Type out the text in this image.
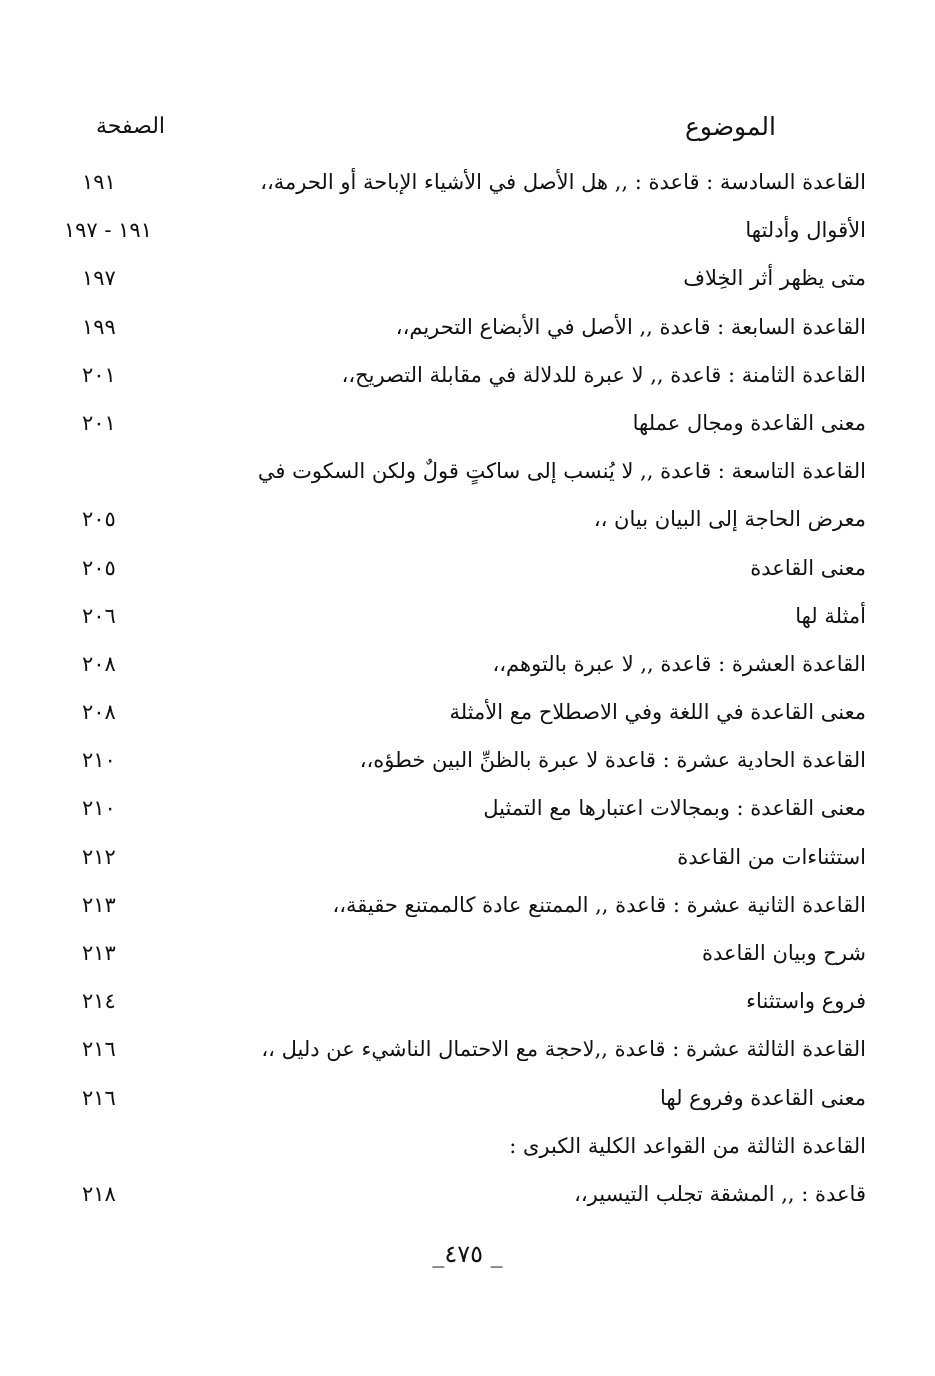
الموضوع
الصفحة
القاعدة السادسة : قاعدة : ,, هل الأصل في الأشياء الإباحة أو الحرمة،،
١٩١
الأقوال وأدلتها
١٩١ - ١٩٧
متى يظهر أثر الخِلاف
١٩٧
القاعدة السابعة : قاعدة ,, الأصل في الأبضاع التحريم،،
١٩٩
القاعدة الثامنة : قاعدة ,, لا عبرة للدلالة في مقابلة التصريح،،
٢٠١
معنى القاعدة ومجال عملها
٢٠١
القاعدة التاسعة : قاعدة ,, لا يُنسب إلى ساكتٍ قولٌ ولكن السكوت في
معرض الحاجة إلى البيان بيان ،،
٢٠٥
معنى القاعدة
٢٠٥
أمثلة لها
٢٠٦
القاعدة العشرة : قاعدة ,, لا عبرة بالتوهم،،
٢٠٨
معنى القاعدة في اللغة وفي الاصطلاح مع الأمثلة
٢٠٨
القاعدة الحادية عشرة : قاعدة لا عبرة بالظنِّ البين خطؤه،،
٢١٠
معنى القاعدة : وبمجالات اعتبارها مع التمثيل
٢١٠
استثناءات من القاعدة
٢١٢
القاعدة الثانية عشرة : قاعدة ,, الممتنع عادة كالممتنع حقيقة،،
٢١٣
شرح وبيان القاعدة
٢١٣
فروع واستثناء
٢١٤
القاعدة الثالثة عشرة : قاعدة ,,لاحجة مع الاحتمال الناشيء عن دليل ،،
٢١٦
معنى القاعدة وفروع لها
٢١٦
القاعدة الثالثة من القواعد الكلية الكبرى :
قاعدة : ,, المشقة تجلب التيسير،،
٢١٨
_٤٧٥ _
